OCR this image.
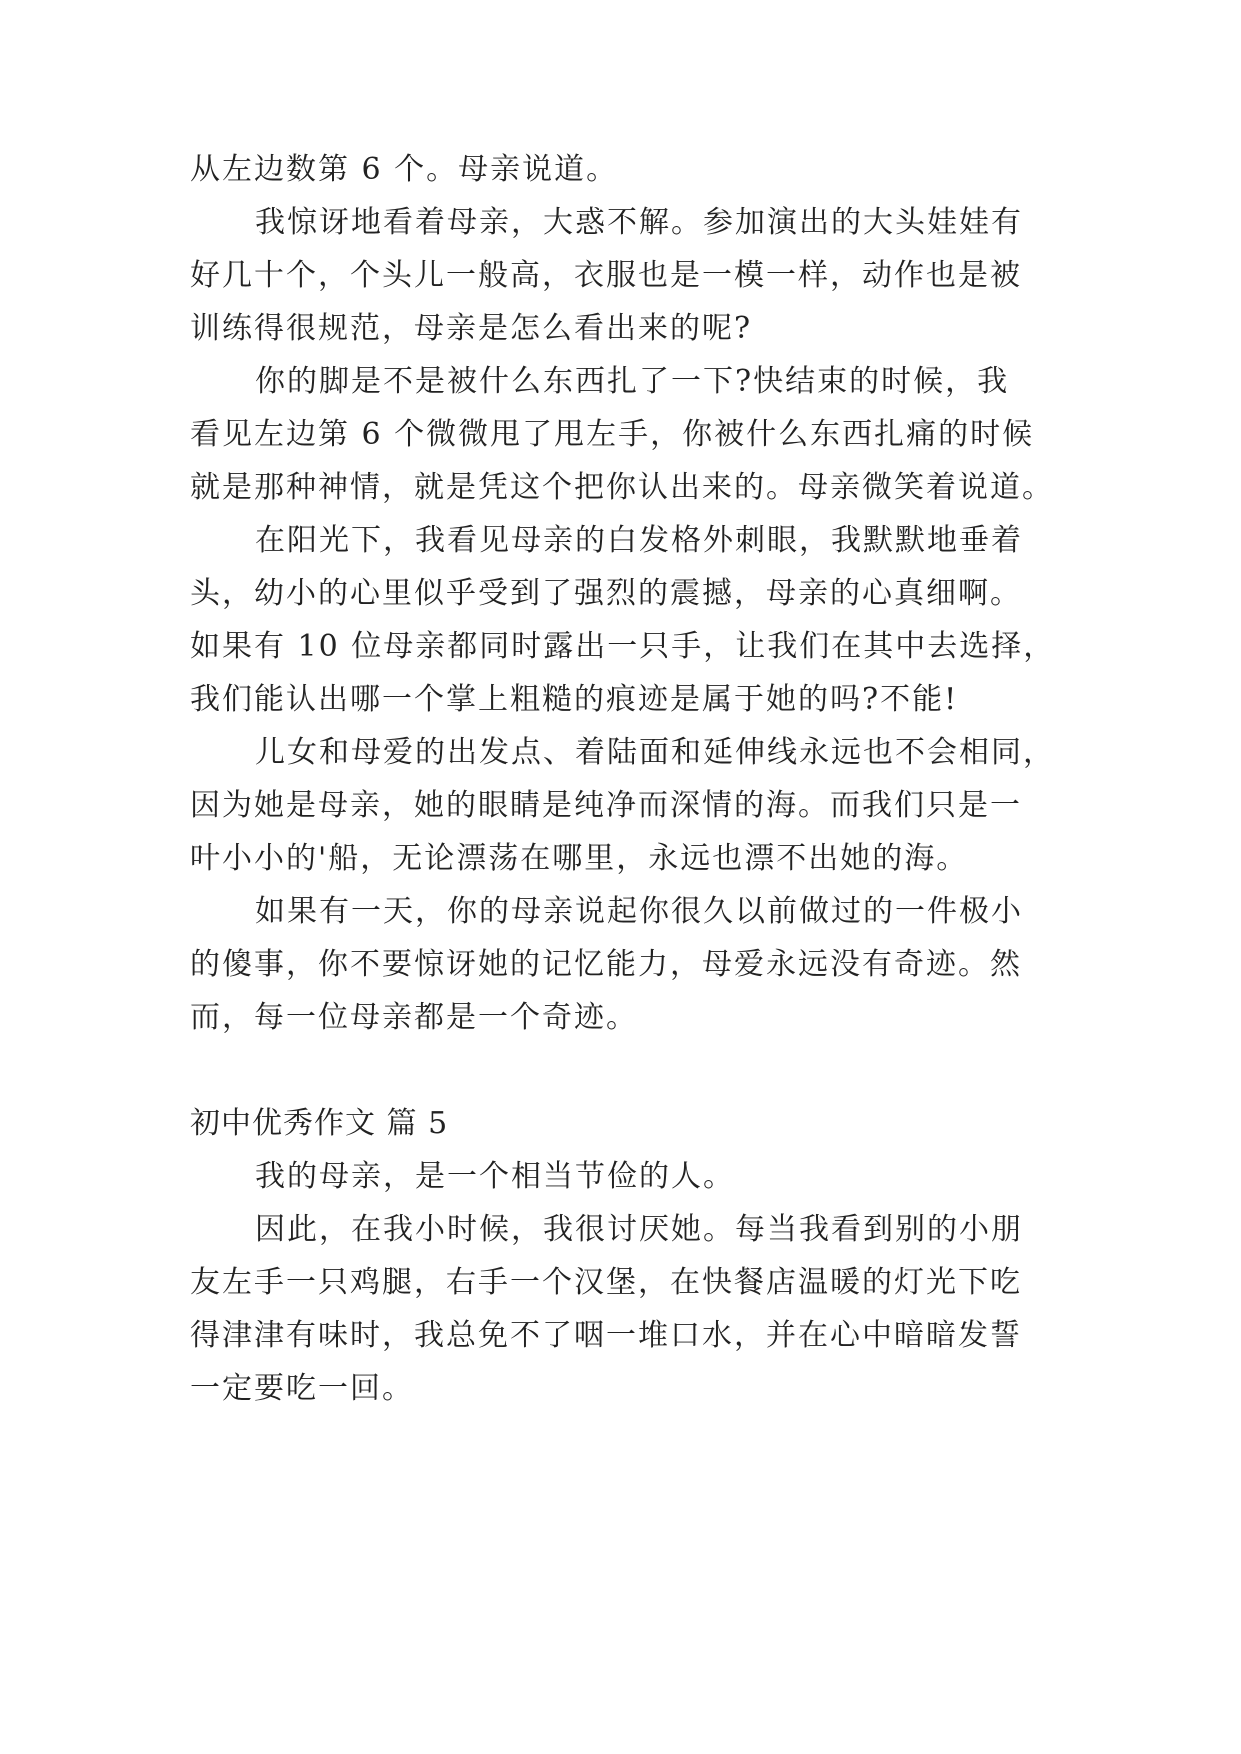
从左边数第 6 个。母亲说道。
我惊讶地看着母亲，大惑不解。参加演出的大头娃娃有
好几十个，个头儿一般高，衣服也是一模一样，动作也是被
训练得很规范，母亲是怎么看出来的呢?
你的脚是不是被什么东西扎了一下?快结束的时候，我
看见左边第 6 个微微甩了甩左手，你被什么东西扎痛的时候
就是那种神情，就是凭这个把你认出来的。母亲微笑着说道。
在阳光下，我看见母亲的白发格外刺眼，我默默地垂着
头，幼小的心里似乎受到了强烈的震撼，母亲的心真细啊。
如果有 10 位母亲都同时露出一只手，让我们在其中去选择，
我们能认出哪一个掌上粗糙的痕迹是属于她的吗?不能!
儿女和母爱的出发点、着陆面和延伸线永远也不会相同，
因为她是母亲，她的眼睛是纯净而深情的海。而我们只是一
叶小小的'船，无论漂荡在哪里，永远也漂不出她的海。
如果有一天，你的母亲说起你很久以前做过的一件极小
的傻事，你不要惊讶她的记忆能力，母爱永远没有奇迹。然
而，每一位母亲都是一个奇迹。
初中优秀作文 篇 5
我的母亲，是一个相当节俭的人。
因此，在我小时候，我很讨厌她。每当我看到别的小朋
友左手一只鸡腿，右手一个汉堡，在快餐店温暖的灯光下吃
得津津有味时，我总免不了咽一堆口水，并在心中暗暗发誓
一定要吃一回。
